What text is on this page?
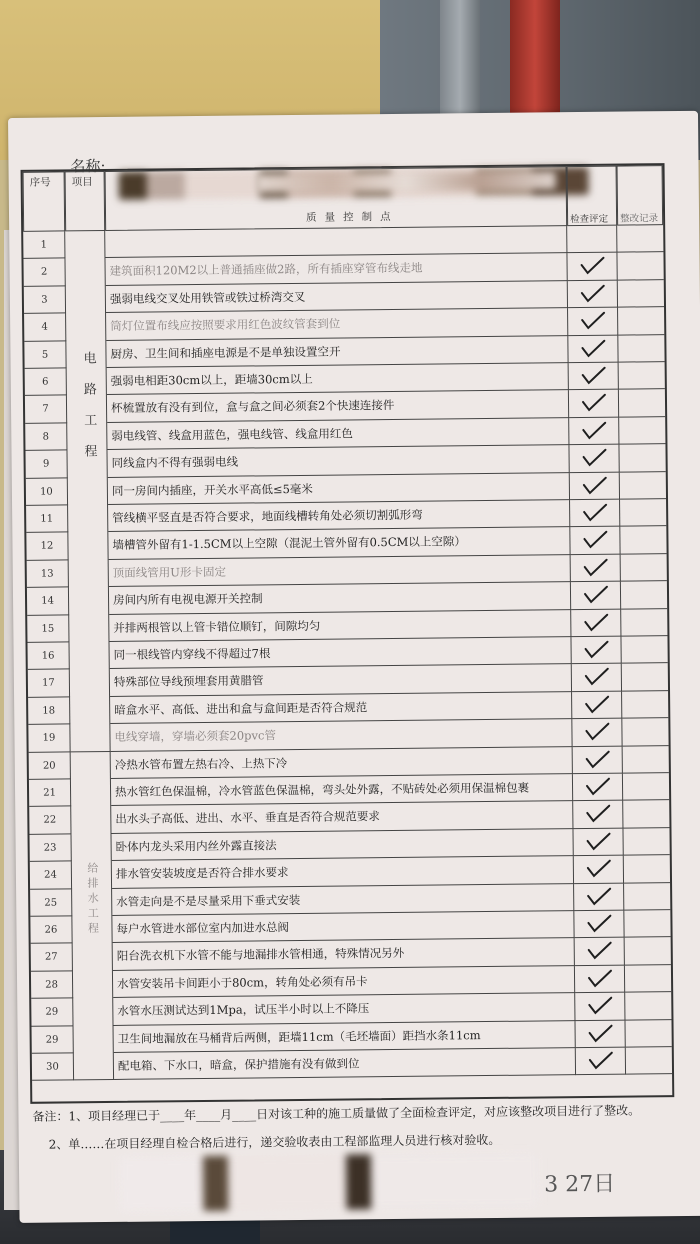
名称:
序号 项目
质量控制点	检查评定 整改记录
1
2	建筑面积120M2以上普通插座做2路，所有插座穿管布线走地
3	强弱电线交叉处用铁管或铁过桥湾交叉
4	筒灯位置布线应按照要求用红色波纹管套到位
5	厨房、卫生间和插座电源是不是单独设置空开
6	强弱电相距30cm以上，距墙30cm以上
7	杯梳置放有没有到位，盒与盒之间必须套2个快速连接件
8	弱电线管、线盒用蓝色，强电线管、线盒用红色
9	同线盒内不得有强弱电线
10	同一房间内插座，开关水平高低≤5毫米
11	管线横平竖直是否符合要求，地面线槽转角处必须切割弧形弯
12	墙槽管外留有1-1.5CM以上空隙（混泥土管外留有0.5CM以上空隙）
13	顶面线管用U形卡固定
14	房间内所有电视电源开关控制
15	并排两根管以上管卡错位顺钉，间隙均匀
16	同一根线管内穿线不得超过7根
17	特殊部位导线预埋套用黄腊管
18	暗盒水平、高低、进出和盒与盒间距是否符合规范
19	电线穿墙，穿墙必须套20pvc管
20	冷热水管布置左热右冷、上热下冷
21	热水管红色保温棉，冷水管蓝色保温棉，弯头处外露，不贴砖处必须用保温棉包裹
22	出水头子高低、进出、水平、垂直是否符合规范要求
23	卧体内龙头采用内丝外露直接法
24	排水管安装坡度是否符合排水要求
25	水管走向是不是尽量采用下垂式安装
26	每户水管进水部位室内加进水总阀
27	阳台洗衣机下水管不能与地漏排水管相通，特殊情况另外
28	水管安装吊卡间距小于80cm，转角处必须有吊卡
29	水管水压测试达到1Mpa，试压半小时以上不降压
29	卫生间地漏放在马桶背后两侧，距墙11cm（毛坯墙面）距挡水条11cm
30	配电箱、下水口，暗盒，保护措施有没有做到位
电路工程
给排水工程
备注：1、项目经理已于____年____月____日对该工种的施工质量做了全面检查评定，对应该整改项目进行了整改。
2、单……在项目经理自检合格后进行，递交验收表由工程部监理人员进行核对验收。
3 27日
